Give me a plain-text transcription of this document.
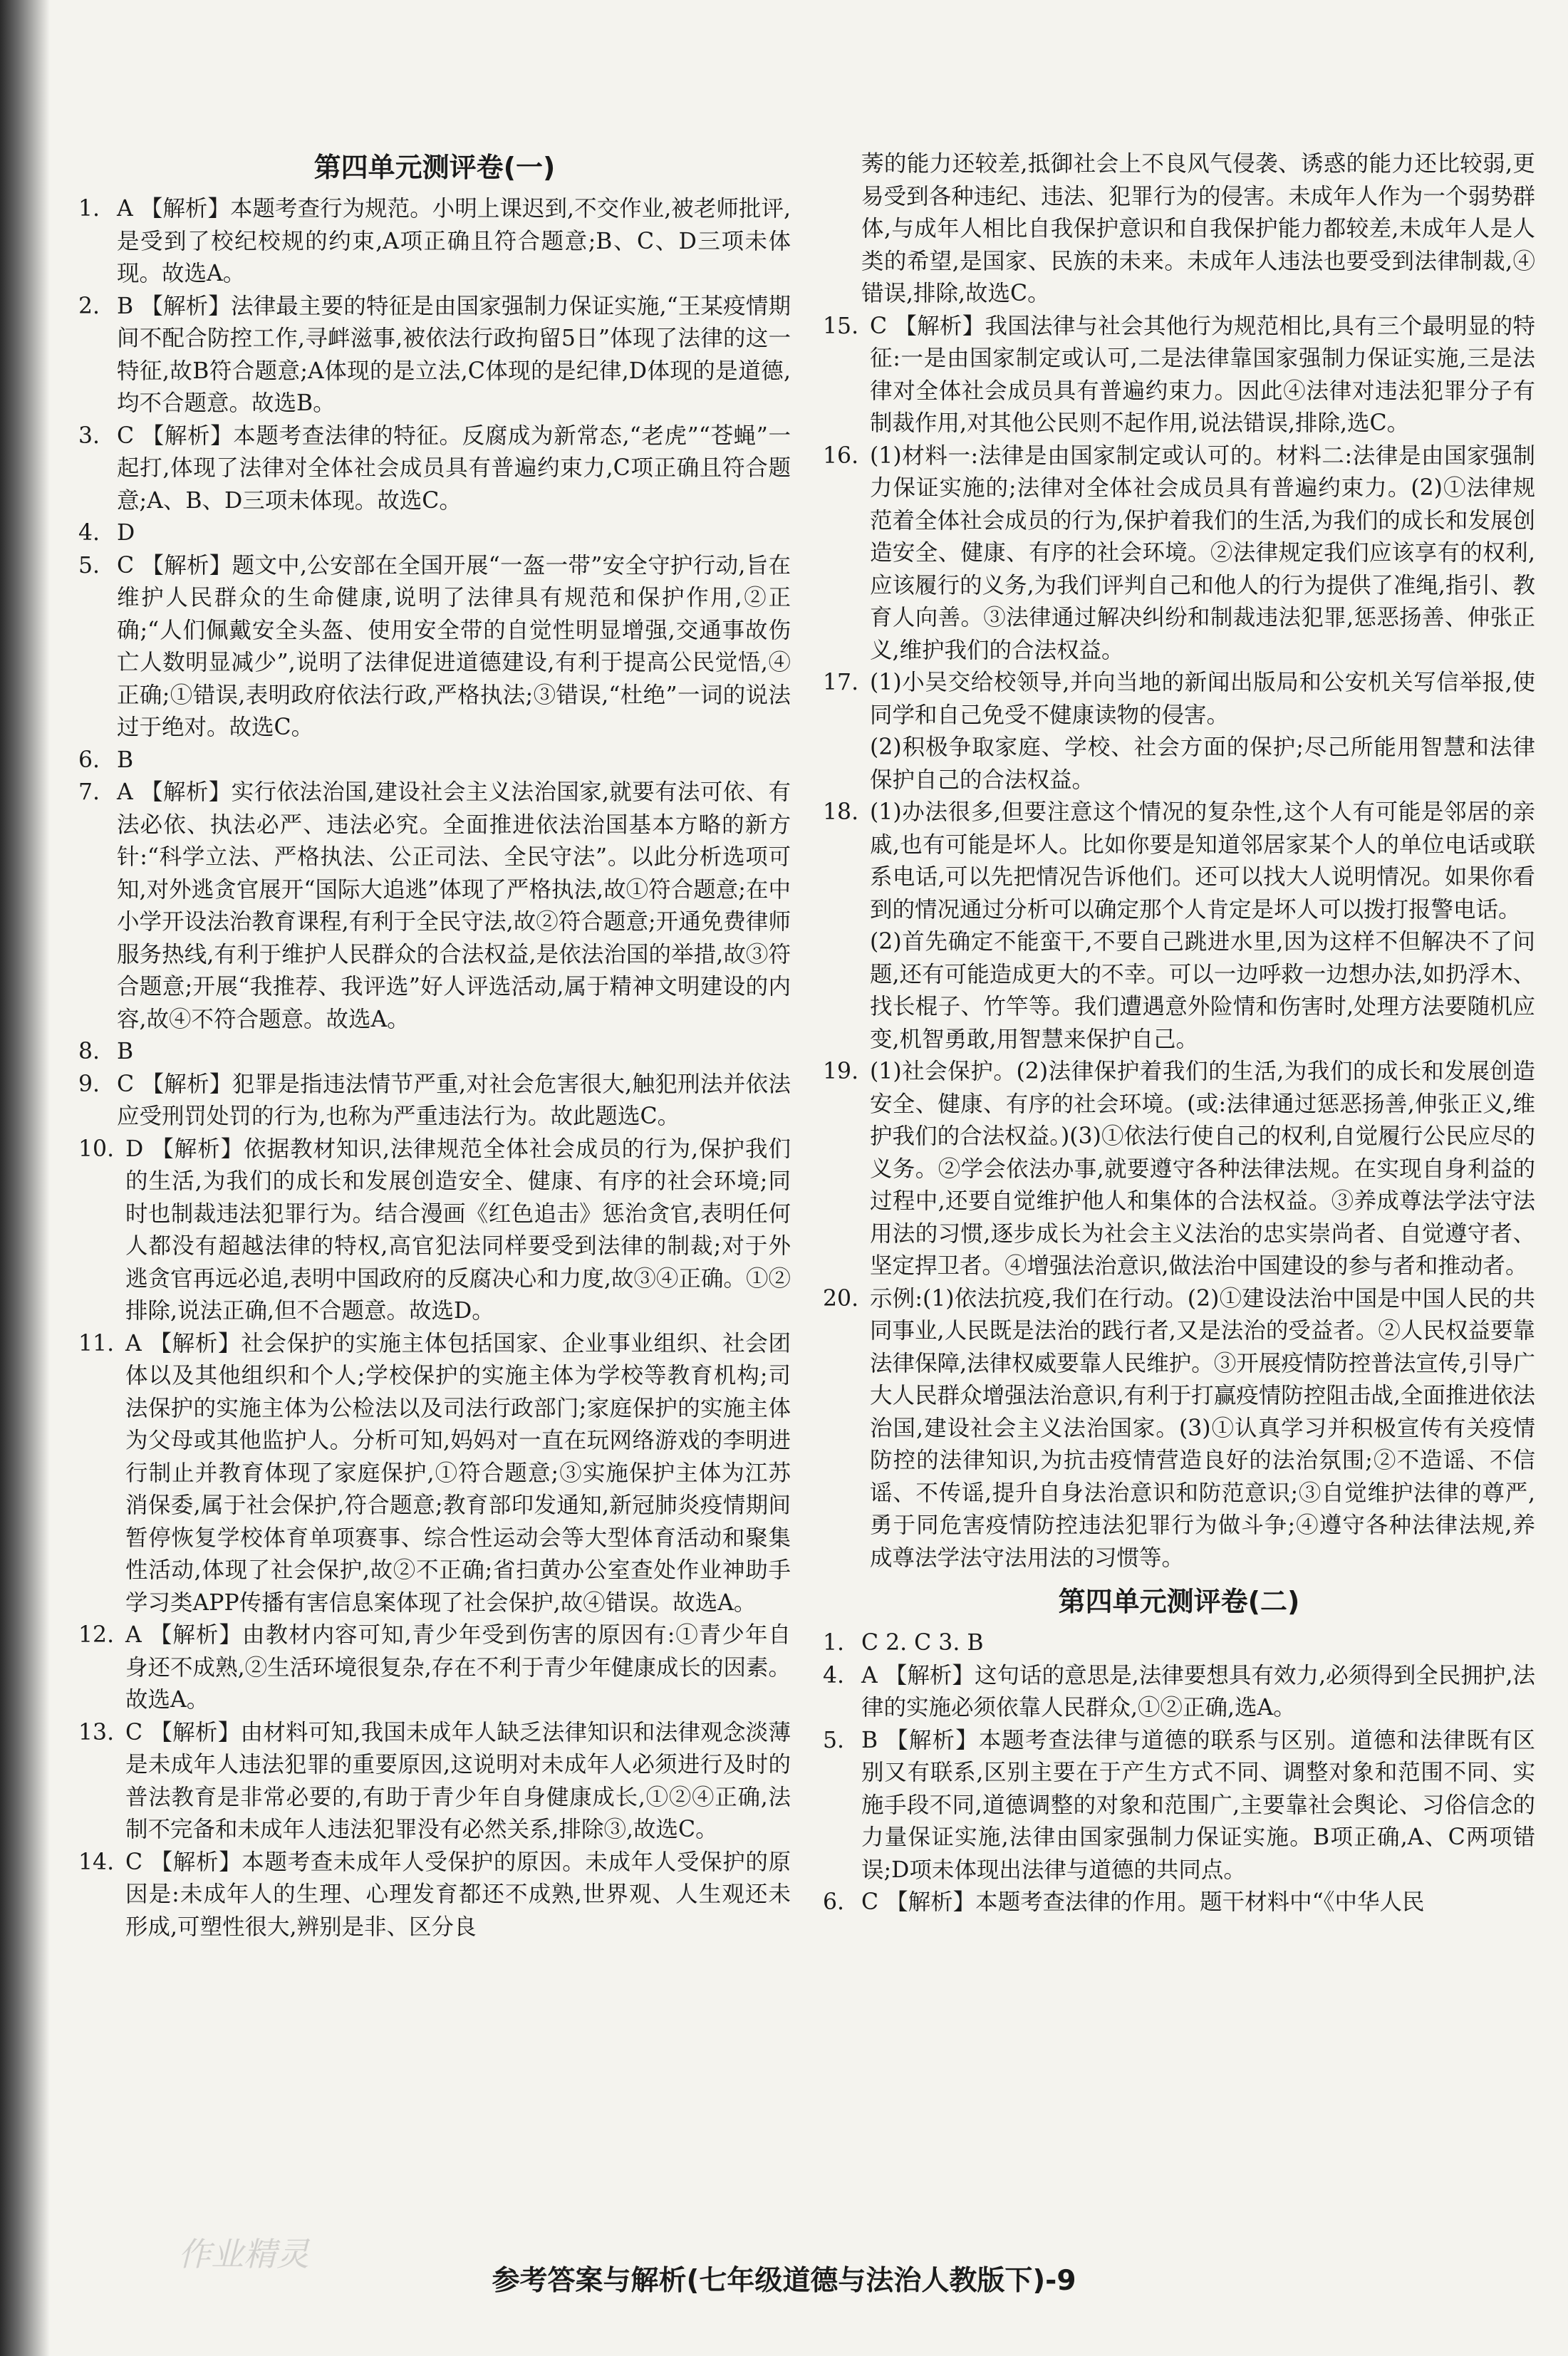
第四单元测评卷(一)
1. A 【解析】本题考查行为规范。小明上课迟到,不交作业,被老师批评,是受到了校纪校规的约束,A项正确且符合题意;B、C、D三项未体现。故选A。
2. B 【解析】法律最主要的特征是由国家强制力保证实施,“王某疫情期间不配合防控工作,寻衅滋事,被依法行政拘留5日”体现了法律的这一特征,故B符合题意;A体现的是立法,C体现的是纪律,D体现的是道德,均不合题意。故选B。
3. C 【解析】本题考查法律的特征。反腐成为新常态,“老虎”“苍蝇”一起打,体现了法律对全体社会成员具有普遍约束力,C项正确且符合题意;A、B、D三项未体现。故选C。
4. D
5. C 【解析】题文中,公安部在全国开展“一盔一带”安全守护行动,旨在维护人民群众的生命健康,说明了法律具有规范和保护作用,②正确;“人们佩戴安全头盔、使用安全带的自觉性明显增强,交通事故伤亡人数明显减少”,说明了法律促进道德建设,有利于提高公民觉悟,④正确;①错误,表明政府依法行政,严格执法;③错误,“杜绝”一词的说法过于绝对。故选C。
6. B
7. A 【解析】实行依法治国,建设社会主义法治国家,就要有法可依、有法必依、执法必严、违法必究。全面推进依法治国基本方略的新方针:“科学立法、严格执法、公正司法、全民守法”。以此分析选项可知,对外逃贪官展开“国际大追逃”体现了严格执法,故①符合题意;在中小学开设法治教育课程,有利于全民守法,故②符合题意;开通免费律师服务热线,有利于维护人民群众的合法权益,是依法治国的举措,故③符合题意;开展“我推荐、我评选”好人评选活动,属于精神文明建设的内容,故④不符合题意。故选A。
8. B
9. C 【解析】犯罪是指违法情节严重,对社会危害很大,触犯刑法并依法应受刑罚处罚的行为,也称为严重违法行为。故此题选C。
10. D 【解析】依据教材知识,法律规范全体社会成员的行为,保护我们的生活,为我们的成长和发展创造安全、健康、有序的社会环境;同时也制裁违法犯罪行为。结合漫画《红色追击》惩治贪官,表明任何人都没有超越法律的特权,高官犯法同样要受到法律的制裁;对于外逃贪官再远必追,表明中国政府的反腐决心和力度,故③④正确。①②排除,说法正确,但不合题意。故选D。
11. A 【解析】社会保护的实施主体包括国家、企业事业组织、社会团体以及其他组织和个人;学校保护的实施主体为学校等教育机构;司法保护的实施主体为公检法以及司法行政部门;家庭保护的实施主体为父母或其他监护人。分析可知,妈妈对一直在玩网络游戏的李明进行制止并教育体现了家庭保护,①符合题意;③实施保护主体为江苏消保委,属于社会保护,符合题意;教育部印发通知,新冠肺炎疫情期间暂停恢复学校体育单项赛事、综合性运动会等大型体育活动和聚集性活动,体现了社会保护,故②不正确;省扫黄办公室查处作业神助手学习类APP传播有害信息案体现了社会保护,故④错误。故选A。
12. A 【解析】由教材内容可知,青少年受到伤害的原因有:①青少年自身还不成熟,②生活环境很复杂,存在不利于青少年健康成长的因素。故选A。
13. C 【解析】由材料可知,我国未成年人缺乏法律知识和法律观念淡薄是未成年人违法犯罪的重要原因,这说明对未成年人必须进行及时的普法教育是非常必要的,有助于青少年自身健康成长,①②④正确,法制不完备和未成年人违法犯罪没有必然关系,排除③,故选C。
14. C 【解析】本题考查未成年人受保护的原因。未成年人受保护的原因是:未成年人的生理、心理发育都还不成熟,世界观、人生观还未形成,可塑性很大,辨别是非、区分良

莠的能力还较差,抵御社会上不良风气侵袭、诱惑的能力还比较弱,更易受到各种违纪、违法、犯罪行为的侵害。未成年人作为一个弱势群体,与成年人相比自我保护意识和自我保护能力都较差,未成年人是人类的希望,是国家、民族的未来。未成年人违法也要受到法律制裁,④错误,排除,故选C。

15. C 【解析】我国法律与社会其他行为规范相比,具有三个最明显的特征:一是由国家制定或认可,二是法律靠国家强制力保证实施,三是法律对全体社会成员具有普遍约束力。因此④法律对违法犯罪分子有制裁作用,对其他公民则不起作用,说法错误,排除,选C。
16. (1)材料一:法律是由国家制定或认可的。材料二:法律是由国家强制力保证实施的;法律对全体社会成员具有普遍约束力。(2)①法律规范着全体社会成员的行为,保护着我们的生活,为我们的成长和发展创造安全、健康、有序的社会环境。②法律规定我们应该享有的权利,应该履行的义务,为我们评判自己和他人的行为提供了准绳,指引、教育人向善。③法律通过解决纠纷和制裁违法犯罪,惩恶扬善、伸张正义,维护我们的合法权益。
17. (1)小吴交给校领导,并向当地的新闻出版局和公安机关写信举报,使同学和自己免受不健康读物的侵害。
(2)积极争取家庭、学校、社会方面的保护;尽己所能用智慧和法律保护自己的合法权益。
18. (1)办法很多,但要注意这个情况的复杂性,这个人有可能是邻居的亲戚,也有可能是坏人。比如你要是知道邻居家某个人的单位电话或联系电话,可以先把情况告诉他们。还可以找大人说明情况。如果你看到的情况通过分析可以确定那个人肯定是坏人可以拨打报警电话。
(2)首先确定不能蛮干,不要自己跳进水里,因为这样不但解决不了问题,还有可能造成更大的不幸。可以一边呼救一边想办法,如扔浮木、找长棍子、竹竿等。我们遭遇意外险情和伤害时,处理方法要随机应变,机智勇敢,用智慧来保护自己。
19. (1)社会保护。(2)法律保护着我们的生活,为我们的成长和发展创造安全、健康、有序的社会环境。(或:法律通过惩恶扬善,伸张正义,维护我们的合法权益。)(3)①依法行使自己的权利,自觉履行公民应尽的义务。②学会依法办事,就要遵守各种法律法规。在实现自身利益的过程中,还要自觉维护他人和集体的合法权益。③养成尊法学法守法用法的习惯,逐步成长为社会主义法治的忠实崇尚者、自觉遵守者、坚定捍卫者。④增强法治意识,做法治中国建设的参与者和推动者。
20. 示例:(1)依法抗疫,我们在行动。(2)①建设法治中国是中国人民的共同事业,人民既是法治的践行者,又是法治的受益者。②人民权益要靠法律保障,法律权威要靠人民维护。③开展疫情防控普法宣传,引导广大人民群众增强法治意识,有利于打赢疫情防控阻击战,全面推进依法治国,建设社会主义法治国家。(3)①认真学习并积极宣传有关疫情防控的法律知识,为抗击疫情营造良好的法治氛围;②不造谣、不信谣、不传谣,提升自身法治意识和防范意识;③自觉维护法律的尊严,勇于同危害疫情防控违法犯罪行为做斗争;④遵守各种法律法规,养成尊法学法守法用法的习惯等。
第四单元测评卷(二)
1. C 2. C 3. B
4. A 【解析】这句话的意思是,法律要想具有效力,必须得到全民拥护,法律的实施必须依靠人民群众,①②正确,选A。
5. B 【解析】本题考查法律与道德的联系与区别。道德和法律既有区别又有联系,区别主要在于产生方式不同、调整对象和范围不同、实施手段不同,道德调整的对象和范围广,主要靠社会舆论、习俗信念的力量保证实施,法律由国家强制力保证实施。B项正确,A、C两项错误;D项未体现出法律与道德的共同点。
6. C 【解析】本题考查法律的作用。题干材料中“《中华人民
作业精灵
参考答案与解析(七年级道德与法治人教版下)-9
